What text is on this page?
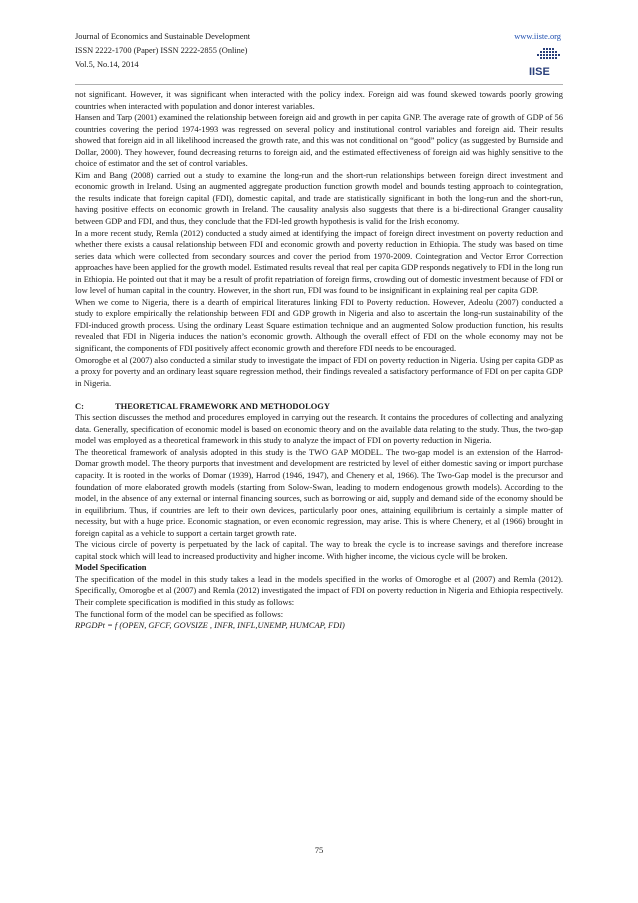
Journal of Economics and Sustainable Development
ISSN 2222-1700 (Paper) ISSN 2222-2855 (Online)
Vol.5, No.14, 2014
www.iiste.org
IISE

not significant. However, it was significant when interacted with the policy index. Foreign aid was found skewed towards poorly growing countries when interacted with population and donor interest variables.

Hansen and Tarp (2001) examined the relationship between foreign aid and growth in per capita GNP. The average rate of growth of GDP of 56 countries covering the period 1974-1993 was regressed on several policy and institutional control variables and foreign aid. Their results showed that foreign aid in all likelihood increased the growth rate, and this was not conditional on “good” policy (as suggested by Burnside and Dollar, 2000). They however, found decreasing returns to foreign aid, and the estimated effectiveness of foreign aid was highly sensitive to the choice of estimator and the set of control variables.

Kim and Bang (2008) carried out a study to examine the long-run and the short-run relationships between foreign direct investment and economic growth in Ireland. Using an augmented aggregate production function growth model and bounds testing approach to cointegration, the results indicate that foreign capital (FDI), domestic capital, and trade are statistically significant in both the long-run and the short-run, having positive effects on economic growth in Ireland. The causality analysis also suggests that there is a bi-directional Granger causality between GDP and FDI, and thus, they conclude that the FDI-led growth hypothesis is valid for the Irish economy.

In a more recent study, Remla (2012) conducted a study aimed at identifying the impact of foreign direct investment on poverty reduction and whether there exists a causal relationship between FDI and economic growth and poverty reduction in Ethiopia. The study was based on time series data which were collected from secondary sources and cover the period from 1970-2009. Cointegration and Vector Error Correction approaches have been applied for the growth model. Estimated results reveal that real per capita GDP responds negatively to FDI in the long run in Ethiopia. He pointed out that it may be a result of profit repatriation of foreign firms, crowding out of domestic investment because of FDI or low level of human capital in the country. However, in the short run, FDI was found to be insignificant in explaining real per capita GDP.

When we come to Nigeria, there is a dearth of empirical literatures linking FDI to Poverty reduction. However, Adeolu (2007) conducted a study to explore empirically the relationship between FDI and GDP growth in Nigeria and also to ascertain the long-run sustainability of the FDI-induced growth process. Using the ordinary Least Square estimation technique and an augmented Solow production function, his results revealed that FDI in Nigeria induces the nation’s economic growth. Although the overall effect of FDI on the whole economy may not be significant, the components of FDI positively affect economic growth and therefore FDI needs to be encouraged.

Omorogbe et al (2007) also conducted a similar study to investigate the impact of FDI on poverty reduction in Nigeria. Using per capita GDP as a proxy for poverty and an ordinary least square regression method, their findings revealed a satisfactory performance of FDI on per capita GDP in Nigeria.

C:	THEORETICAL FRAMEWORK AND METHODOLOGY

This section discusses the method and procedures employed in carrying out the research. It contains the procedures of collecting and analyzing data. Generally, specification of economic model is based on economic theory and on the available data relating to the study. Thus, the two-gap model was employed as a theoretical framework in this study to analyze the impact of FDI on poverty reduction in Nigeria.

The theoretical framework of analysis adopted in this study is the TWO GAP MODEL. The two-gap model is an extension of the Harrod-Domar growth model. The theory purports that investment and development are restricted by level of either domestic saving or import purchase capacity. It is rooted in the works of Domar (1939), Harrod (1946, 1947), and Chenery et al, 1966). The Two-Gap model is the precursor and foundation of more elaborated growth models (starting from Solow-Swan, leading to modern endogenous growth models). According to the model, in the absence of any external or internal financing sources, such as borrowing or aid, supply and demand side of the economy should be in equilibrium. Thus, if countries are left to their own devices, particularly poor ones, attaining equilibrium is certainly a simple matter of necessity, but with a huge price. Economic stagnation, or even economic regression, may arise. This is where Chenery, et al (1966) brought in foreign capital as a vehicle to support a certain target growth rate.

The vicious circle of poverty is perpetuated by the lack of capital. The way to break the cycle is to increase savings and therefore increase capital stock which will lead to increased productivity and higher income. With higher income, the vicious cycle will be broken.

Model Specification

The specification of the model in this study takes a lead in the models specified in the works of Omorogbe et al (2007) and Remla (2012). Specifically, Omorogbe et al (2007) and Remla (2012) investigated the impact of FDI on poverty reduction in Nigeria and Ethiopia respectively. Their complete specification is modified in this study as follows:

The functional form of the model can be specified as follows:

RPGDPt = f (OPEN, GFCF, GOVSIZE , INFR, INFL,UNEMP, HUMCAP, FDI)

75
